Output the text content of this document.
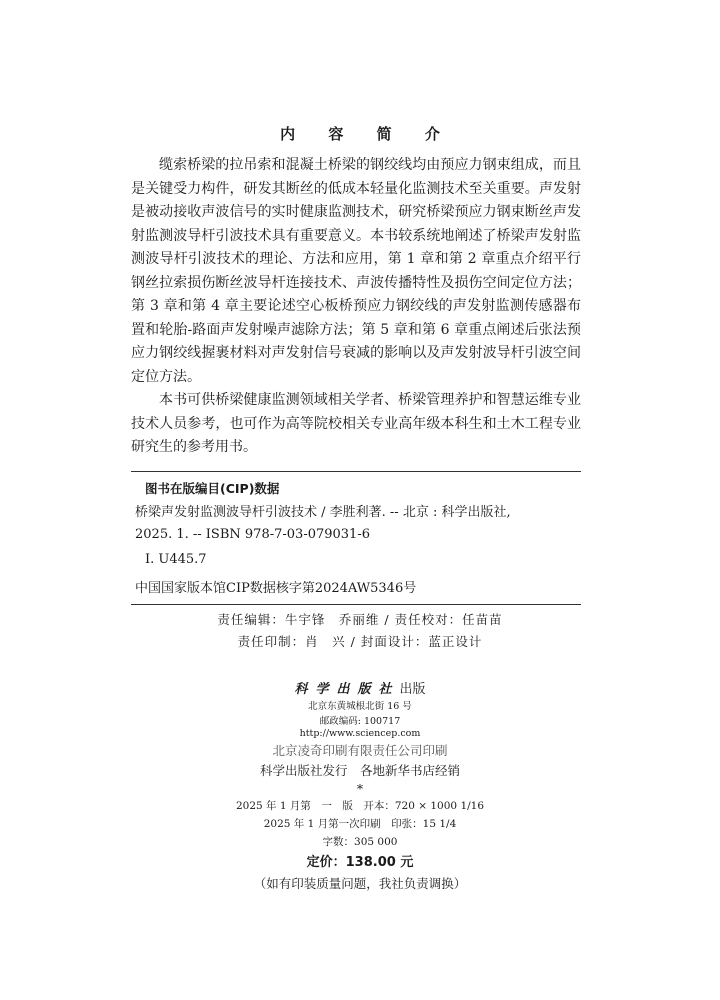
内 容 简 介

缆索桥梁的拉吊索和混凝土桥梁的钢绞线均由预应力钢束组成，而且是关键受力构件，研发其断丝的低成本轻量化监测技术至关重要。声发射是被动接收声波信号的实时健康监测技术，研究桥梁预应力钢束断丝声发射监测波导杆引波技术具有重要意义。本书较系统地阐述了桥梁声发射监测波导杆引波技术的理论、方法和应用，第 1 章和第 2 章重点介绍平行钢丝拉索损伤断丝波导杆连接技术、声波传播特性及损伤空间定位方法；第 3 章和第 4 章主要论述空心板桥预应力钢绞线的声发射监测传感器布置和轮胎-路面声发射噪声滤除方法；第 5 章和第 6 章重点阐述后张法预应力钢绞线握裹材料对声发射信号衰减的影响以及声发射波导杆引波空间定位方法。

本书可供桥梁健康监测领域相关学者、桥梁管理养护和智慧运维专业技术人员参考，也可作为高等院校相关专业高年级本科生和土木工程专业研究生的参考用书。

图书在版编目(CIP)数据
桥梁声发射监测波导杆引波技术 / 李胜利著. -- 北京 : 科学出版社,
2025. 1. -- ISBN 978-7-03-079031-6
Ⅰ. U445.7
中国国家版本馆CIP数据核字第2024AW5346号
责任编辑：牛宇锋　乔丽维 / 责任校对：任苗苗
责任印制：肖　兴 / 封面设计：蓝正设计
科学出版社出版
北京东黄城根北街 16 号
邮政编码: 100717
http://www.sciencep.com
北京凌奇印刷有限责任公司印刷
科学出版社发行　各地新华书店经销
*
2025 年 1 月第　一　版　开本：720 × 1000 1/16
2025 年 1 月第一次印刷　印张：15 1/4
字数：305 000
定价：138.00 元
（如有印装质量问题，我社负责调换）
